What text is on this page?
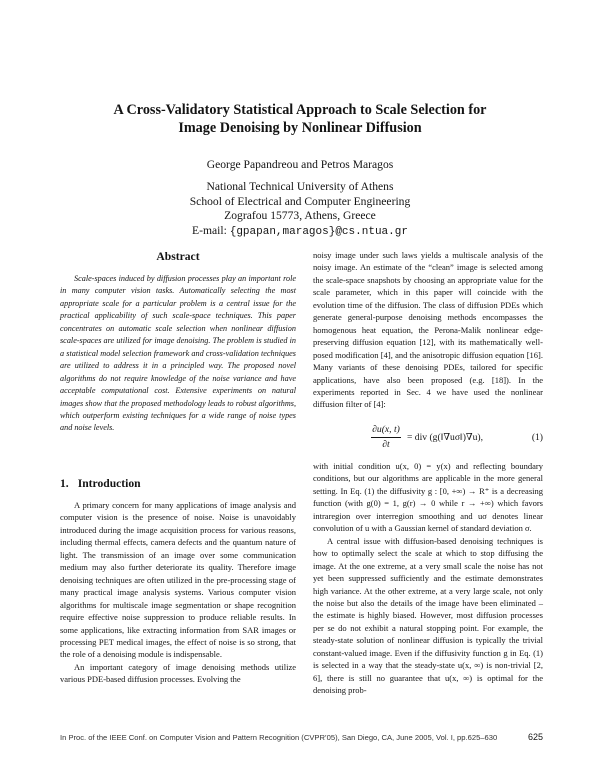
A Cross-Validatory Statistical Approach to Scale Selection for
Image Denoising by Nonlinear Diffusion
George Papandreou and Petros Maragos
National Technical University of Athens
School of Electrical and Computer Engineering
Zografou 15773, Athens, Greece
E-mail: {gpapan,maragos}@cs.ntua.gr
Abstract

Scale-spaces induced by diffusion processes play an important role in many computer vision tasks. Automatically selecting the most appropriate scale for a particular problem is a central issue for the practical applicability of such scale-space techniques. This paper concentrates on automatic scale selection when nonlinear diffusion scale-spaces are utilized for image denoising. The problem is studied in a statistical model selection framework and cross-validation techniques are utilized to address it in a principled way. The proposed novel algorithms do not require knowledge of the noise variance and have acceptable computational cost. Extensive experiments on natural images show that the proposed methodology leads to robust algorithms, which outperform existing techniques for a wide range of noise types and noise levels.

1. Introduction

A primary concern for many applications of image analysis and computer vision is the presence of noise. Noise is unavoidably introduced during the image acquisition process for various reasons, including thermal effects, camera defects and the quantum nature of light. The transmission of an image over some communication medium may also further deteriorate its quality. Therefore image denoising techniques are often utilized in the pre-processing stage of many practical image analysis systems. Various computer vision algorithms for multiscale image segmentation or shape recognition require effective noise suppression to produce reliable results. In some applications, like extracting information from SAR images or processing PET medical images, the effect of noise is so strong, that the role of a denoising module is indispensable.

An important category of image denoising methods utilize various PDE-based diffusion processes. Evolving the

noisy image under such laws yields a multiscale analysis of the noisy image. An estimate of the “clean” image is selected among the scale-space snapshots by choosing an appropriate value for the scale parameter, which in this paper will coincide with the evolution time of the diffusion. The class of diffusion PDEs which generate general-purpose denoising methods encompasses the homogenous heat equation, the Perona-Malik nonlinear edge-preserving diffusion equation [12], with its mathematically well-posed modification [4], and the anisotropic diffusion equation [16]. Many variants of these denoising PDEs, tailored for specific applications, have also been proposed (e.g. [18]). In the experiments reported in Sec. 4 we have used the nonlinear diffusion filter of [4]:

$\frac{\partial u(x, t)}{\partial t}$ = div (g(‖∇uσ‖)∇u),	(1)

with initial condition u(x, 0) = y(x) and reflecting boundary conditions, but our algorithms are applicable in the more general setting. In Eq. (1) the diffusivity g : [0, +∞) → R⁺ is a decreasing function (with g(0) = 1, g(r) → 0 while r → +∞) which favors intraregion over interregion smoothing and uσ denotes linear convolution of u with a Gaussian kernel of standard deviation σ.

A central issue with diffusion-based denoising techniques is how to optimally select the scale at which to stop diffusing the image. At the one extreme, at a very small scale the noise has not yet been suppressed sufficiently and the estimate demonstrates high variance. At the other extreme, at a very large scale, not only the noise but also the details of the image have been eliminated – the estimate is highly biased. However, most diffusion processes per se do not exhibit a natural stopping point. For example, the steady-state solution of nonlinear diffusion is typically the trivial constant-valued image. Even if the diffusivity function g in Eq. (1) is selected in a way that the steady-state u(x, ∞) is non-trivial [2, 6], there is still no guarantee that u(x, ∞) is optimal for the denoising prob-

In Proc. of the IEEE Conf. on Computer Vision and Pattern Recognition (CVPR’05), San Diego, CA, June 2005, Vol. I, pp.625–630	625
